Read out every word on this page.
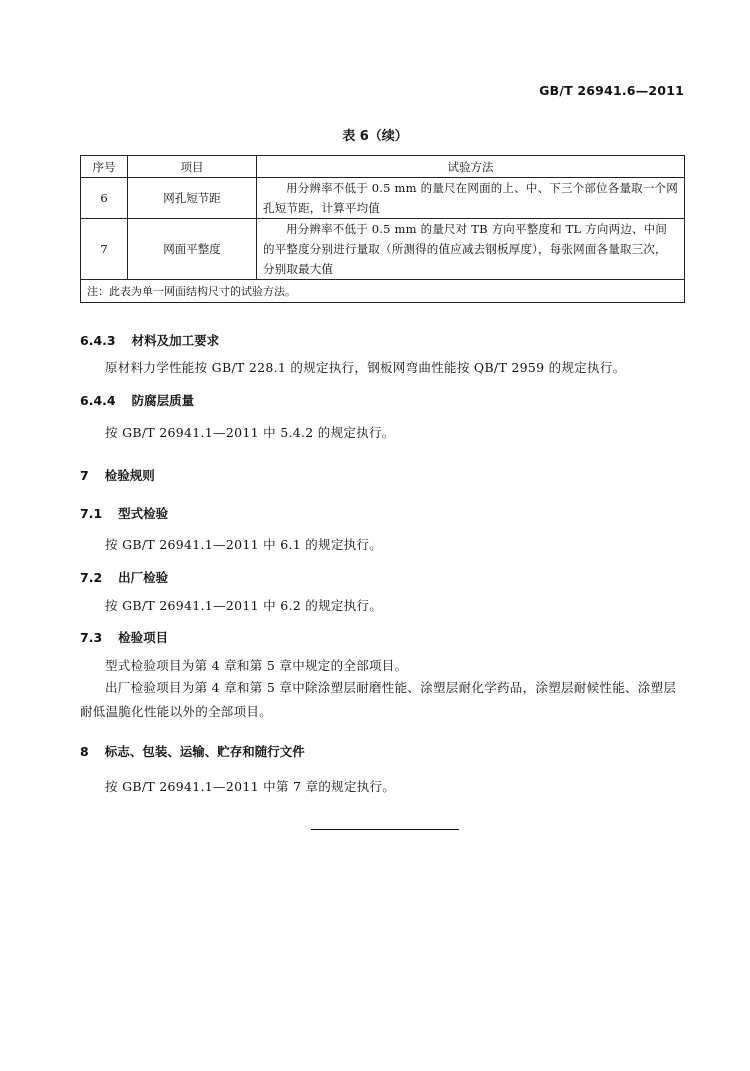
GB/T 26941.6—2011
表 6（续）
序号	项目	试验方法
6	网孔短节距	用分辨率不低于 0.5 mm 的量尺在网面的上、中、下三个部位各量取一个网孔短节距，计算平均值
7	网面平整度	用分辨率不低于 0.5 mm 的量尺对 TB 方向平整度和 TL 方向两边、中间的平整度分别进行量取（所测得的值应减去钢板厚度），每张网面各量取三次，分别取最大值
注：此表为单一网面结构尺寸的试验方法。		
6.4.3 材料及加工要求
原材料力学性能按 GB/T 228.1 的规定执行，钢板网弯曲性能按 QB/T 2959 的规定执行。
6.4.4 防腐层质量
按 GB/T 26941.1—2011 中 5.4.2 的规定执行。
7 检验规则
7.1 型式检验
按 GB/T 26941.1—2011 中 6.1 的规定执行。
7.2 出厂检验
按 GB/T 26941.1—2011 中 6.2 的规定执行。
7.3 检验项目
型式检验项目为第 4 章和第 5 章中规定的全部项目。
出厂检验项目为第 4 章和第 5 章中除涂塑层耐磨性能、涂塑层耐化学药品，涂塑层耐候性能、涂塑层耐低温脆化性能以外的全部项目。
8 标志、包装、运输、贮存和随行文件
按 GB/T 26941.1—2011 中第 7 章的规定执行。
